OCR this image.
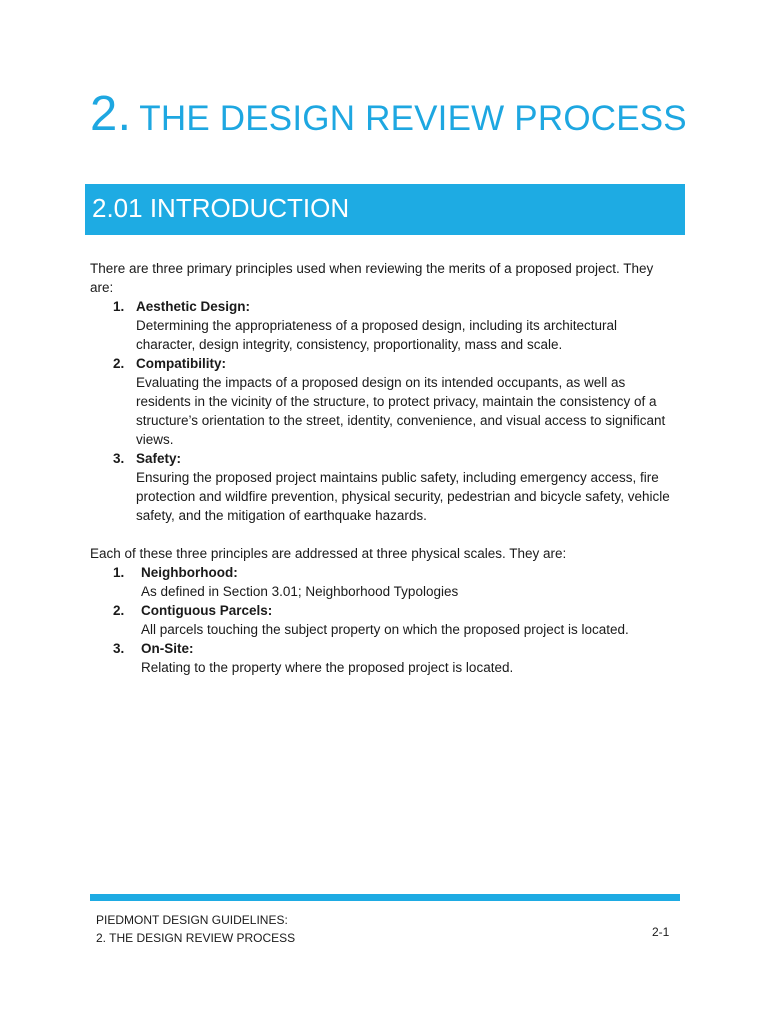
2. THE DESIGN REVIEW PROCESS
2.01 INTRODUCTION

There are three primary principles used when reviewing the merits of a proposed project. They are:

1. Aesthetic Design:
Determining the appropriateness of a proposed design, including its architectural character, design integrity, consistency, proportionality, mass and scale.
2. Compatibility:
Evaluating the impacts of a proposed design on its intended occupants, as well as residents in the vicinity of the structure, to protect privacy, maintain the consistency of a structure’s orientation to the street, identity, convenience, and visual access to significant views.
3. Safety:
Ensuring the proposed project maintains public safety, including emergency access, fire protection and wildfire prevention, physical security, pedestrian and bicycle safety, vehicle safety, and the mitigation of earthquake hazards.

Each of these three principles are addressed at three physical scales. They are:

1. Neighborhood:
As defined in Section 3.01; Neighborhood Typologies
2. Contiguous Parcels:
All parcels touching the subject property on which the proposed project is located.
3. On-Site:
Relating to the property where the proposed project is located.
PIEDMONT DESIGN GUIDELINES:
2. THE DESIGN REVIEW PROCESS	2-1
